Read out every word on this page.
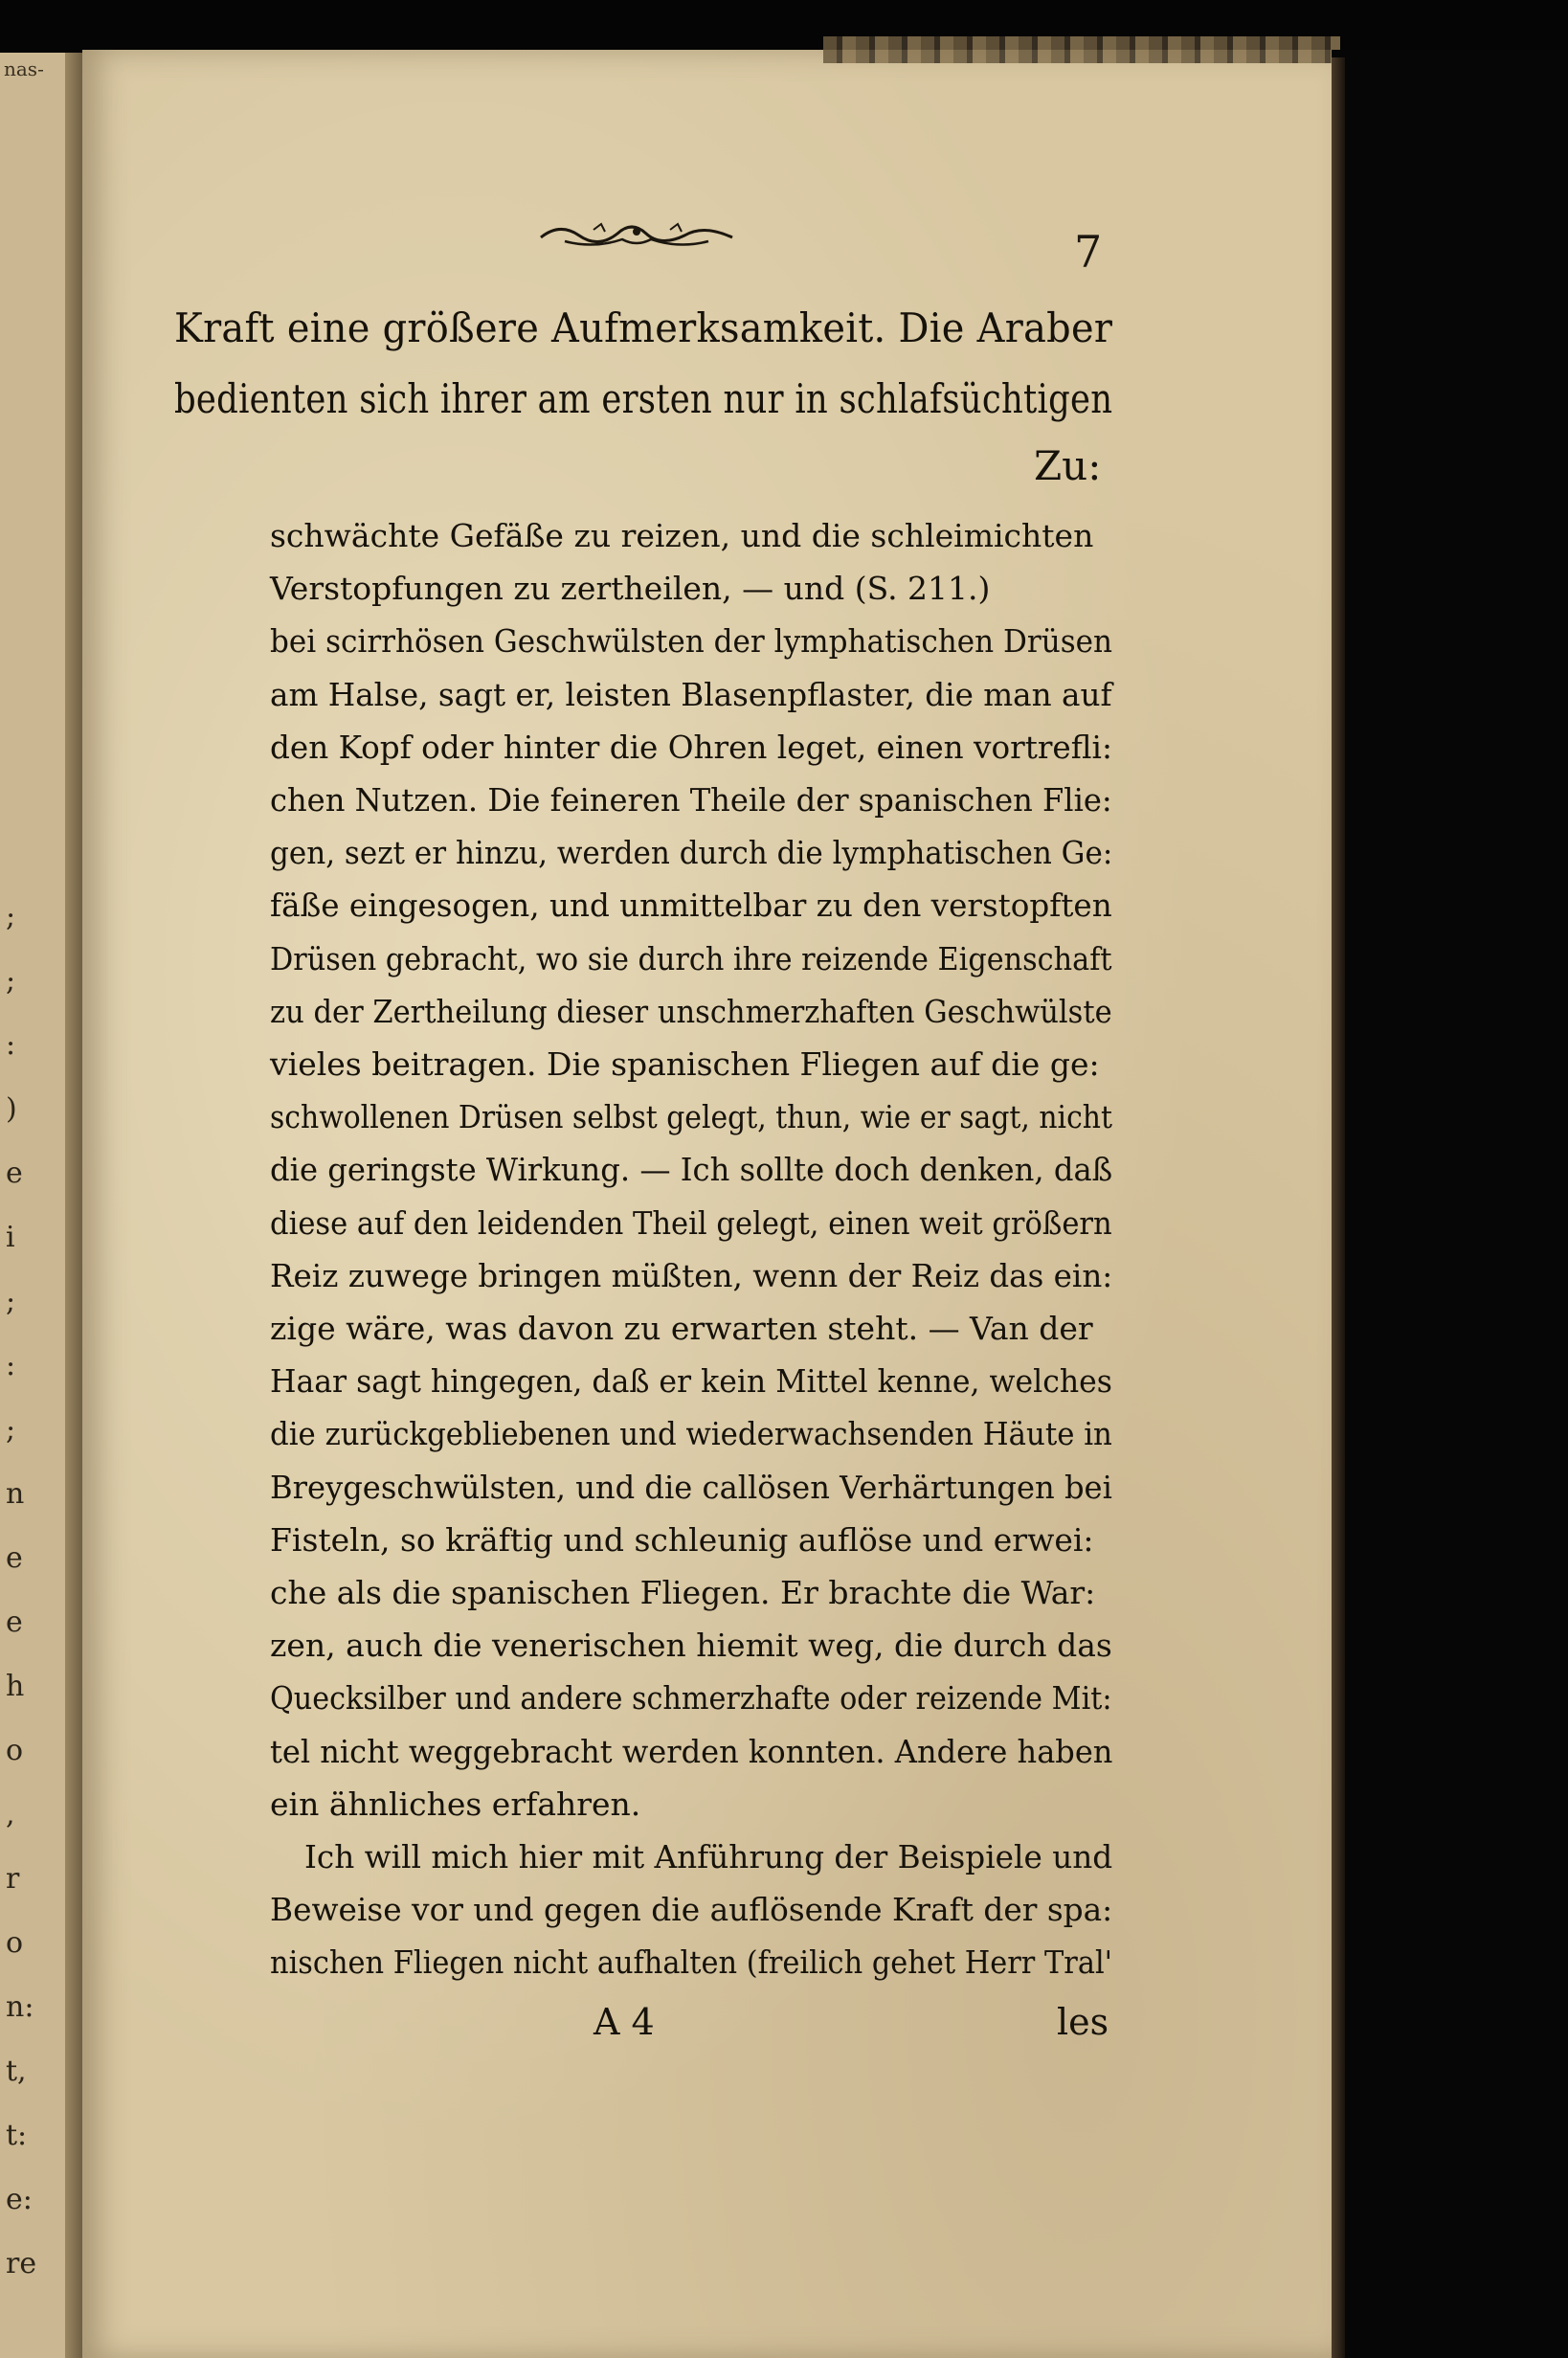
nas-
;
;
:
)
e
i
;
:
;
n
e
e
h
o
,
r
o
n:
t,
t:
e:
re
7
Kraft eine größere Aufmerksamkeit. Die Araber
bedienten sich ihrer am ersten nur in schlafsüchtigen
Zu:
schwächte Gefäße zu reizen, und die schleimichten
Verstopfungen zu zertheilen, — und (S. 211.)
bei scirrhösen Geschwülsten der lymphatischen Drüsen
am Halse, sagt er, leisten Blasenpflaster, die man auf
den Kopf oder hinter die Ohren leget, einen vortrefli:
chen Nutzen. Die feineren Theile der spanischen Flie:
gen, sezt er hinzu, werden durch die lymphatischen Ge:
fäße eingesogen, und unmittelbar zu den verstopften
Drüsen gebracht, wo sie durch ihre reizende Eigenschaft
zu der Zertheilung dieser unschmerzhaften Geschwülste
vieles beitragen. Die spanischen Fliegen auf die ge:
schwollenen Drüsen selbst gelegt, thun, wie er sagt, nicht
die geringste Wirkung. — Ich sollte doch denken, daß
diese auf den leidenden Theil gelegt, einen weit größern
Reiz zuwege bringen müßten, wenn der Reiz das ein:
zige wäre, was davon zu erwarten steht. — Van der
Haar sagt hingegen, daß er kein Mittel kenne, welches
die zurückgebliebenen und wiederwachsenden Häute in
Breygeschwülsten, und die callösen Verhärtungen bei
Fisteln, so kräftig und schleunig auflöse und erwei:
che als die spanischen Fliegen. Er brachte die War:
zen, auch die venerischen hiemit weg, die durch das
Quecksilber und andere schmerzhafte oder reizende Mit:
tel nicht weggebracht werden konnten. Andere haben
ein ähnliches erfahren.
Ich will mich hier mit Anführung der Beispiele und
Beweise vor und gegen die auflösende Kraft der spa:
nischen Fliegen nicht aufhalten (freilich gehet Herr Tral'
A 4	les
